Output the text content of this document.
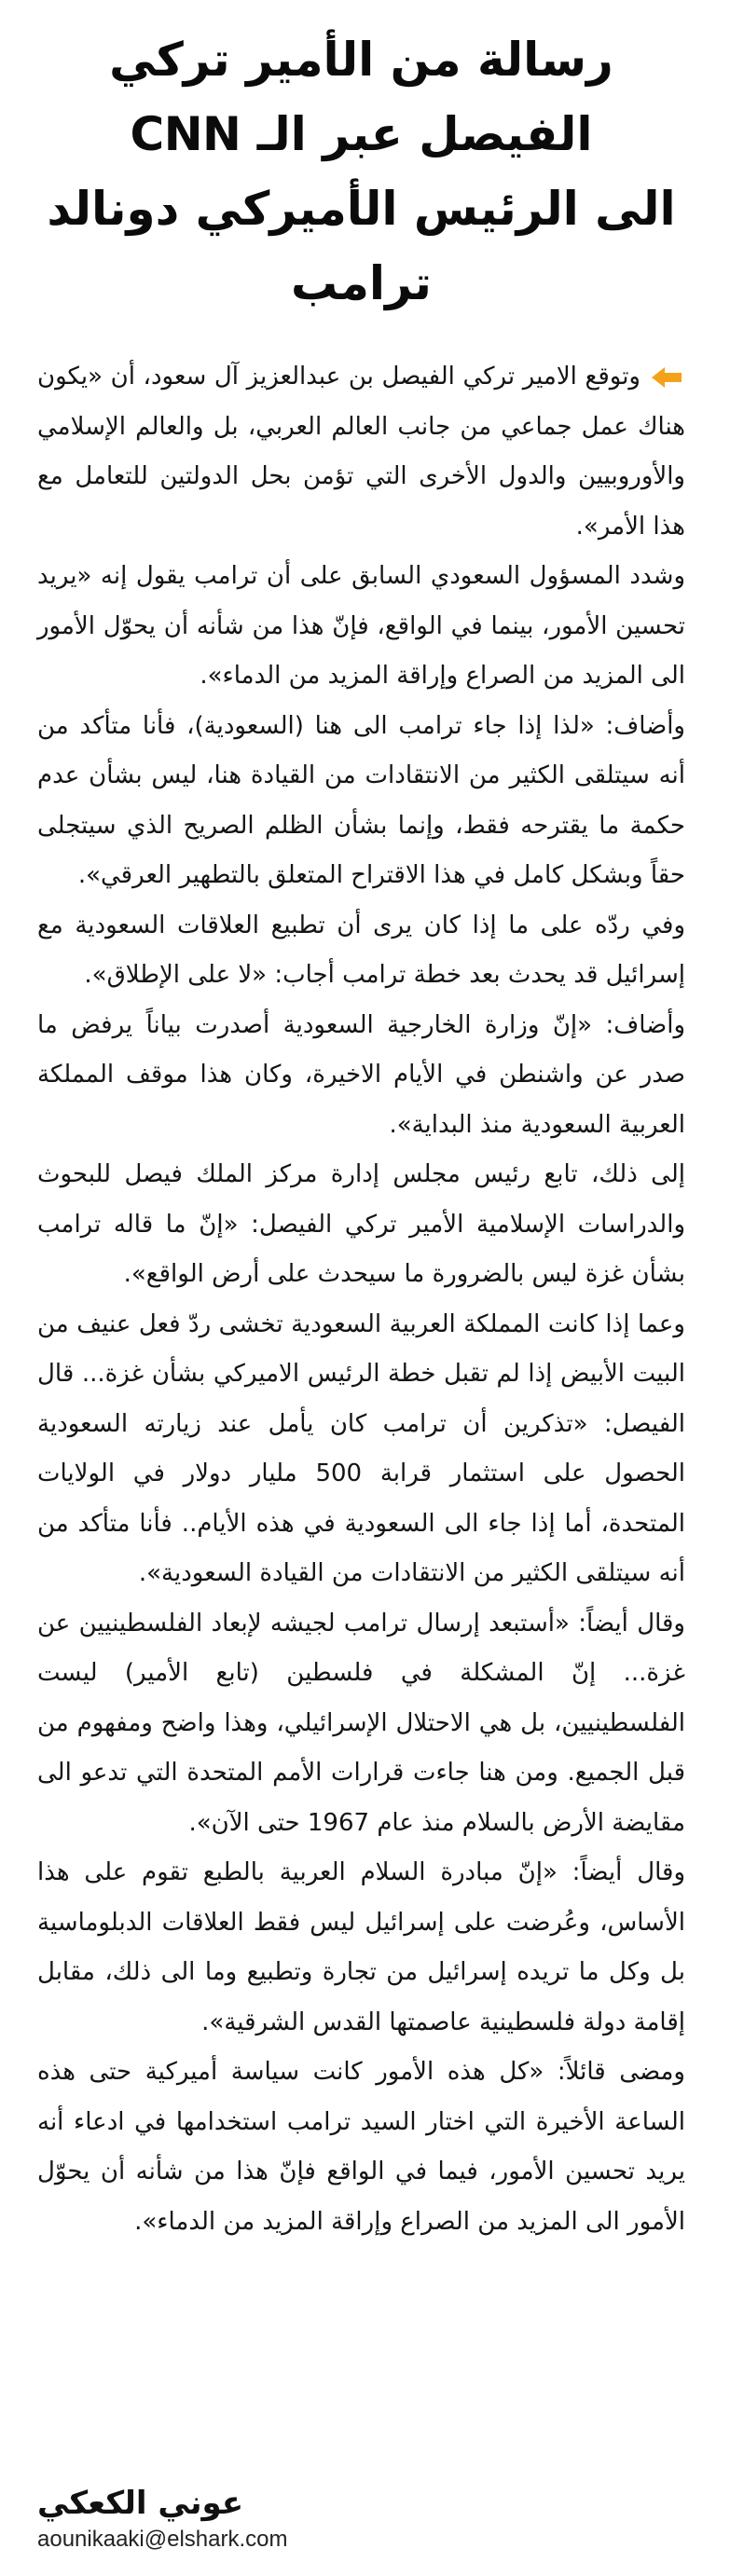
رسالة من الأمير تركي الفيصل عبر الـ CNN
الى الرئيس الأميركي دونالد ترامب

وتوقع الامير تركي الفيصل بن عبدالعزيز آل سعود، أن «يكون هناك عمل جماعي من جانب العالم العربي، بل والعالم الإسلامي والأوروبيين والدول الأخرى التي تؤمن بحل الدولتين للتعامل مع هذا الأمر».

وشدد المسؤول السعودي السابق على أن ترامب يقول إنه «يريد تحسين الأمور، بينما في الواقع، فإنّ هذا من شأنه أن يحوّل الأمور الى المزيد من الصراع وإراقة المزيد من الدماء».

وأضاف: «لذا إذا جاء ترامب الى هنا (السعودية)، فأنا متأكد من أنه سيتلقى الكثير من الانتقادات من القيادة هنا، ليس بشأن عدم حكمة ما يقترحه فقط، وإنما بشأن الظلم الصريح الذي سيتجلى حقاً وبشكل كامل في هذا الاقتراح المتعلق بالتطهير العرقي».

وفي ردّه على ما إذا كان يرى أن تطبيع العلاقات السعودية مع إسرائيل قد يحدث بعد خطة ترامب أجاب: «لا على الإطلاق».

وأضاف: «إنّ وزارة الخارجية السعودية أصدرت بياناً يرفض ما صدر عن واشنطن في الأيام الاخيرة، وكان هذا موقف المملكة العربية السعودية منذ البداية».

إلى ذلك، تابع رئيس مجلس إدارة مركز الملك فيصل للبحوث والدراسات الإسلامية الأمير تركي الفيصل: «إنّ ما قاله ترامب بشأن غزة ليس بالضرورة ما سيحدث على أرض الواقع».

وعما إذا كانت المملكة العربية السعودية تخشى ردّ فعل عنيف من البيت الأبيض إذا لم تقبل خطة الرئيس الاميركي بشأن غزة... قال الفيصل: «تذكرين أن ترامب كان يأمل عند زيارته السعودية الحصول على استثمار قرابة 500 مليار دولار في الولايات المتحدة، أما إذا جاء الى السعودية في هذه الأيام.. فأنا متأكد من أنه سيتلقى الكثير من الانتقادات من القيادة السعودية».

وقال أيضاً: «أستبعد إرسال ترامب لجيشه لإبعاد الفلسطينيين عن غزة... إنّ المشكلة في فلسطين (تابع الأمير) ليست الفلسطينيين، بل هي الاحتلال الإسرائيلي، وهذا واضح ومفهوم من قبل الجميع. ومن هنا جاءت قرارات الأمم المتحدة التي تدعو الى مقايضة الأرض بالسلام منذ عام 1967 حتى الآن».

وقال أيضاً: «إنّ مبادرة السلام العربية بالطبع تقوم على هذا الأساس، وعُرضت على إسرائيل ليس فقط العلاقات الدبلوماسية بل وكل ما تريده إسرائيل من تجارة وتطبيع وما الى ذلك، مقابل إقامة دولة فلسطينية عاصمتها القدس الشرقية».

ومضى قائلاً: «كل هذه الأمور كانت سياسة أميركية حتى هذه الساعة الأخيرة التي اختار السيد ترامب استخدامها في ادعاء أنه يريد تحسين الأمور، فيما في الواقع فإنّ هذا من شأنه أن يحوّل الأمور الى المزيد من الصراع وإراقة المزيد من الدماء».

عوني الكعكي
aounikaaki@elshark.com
